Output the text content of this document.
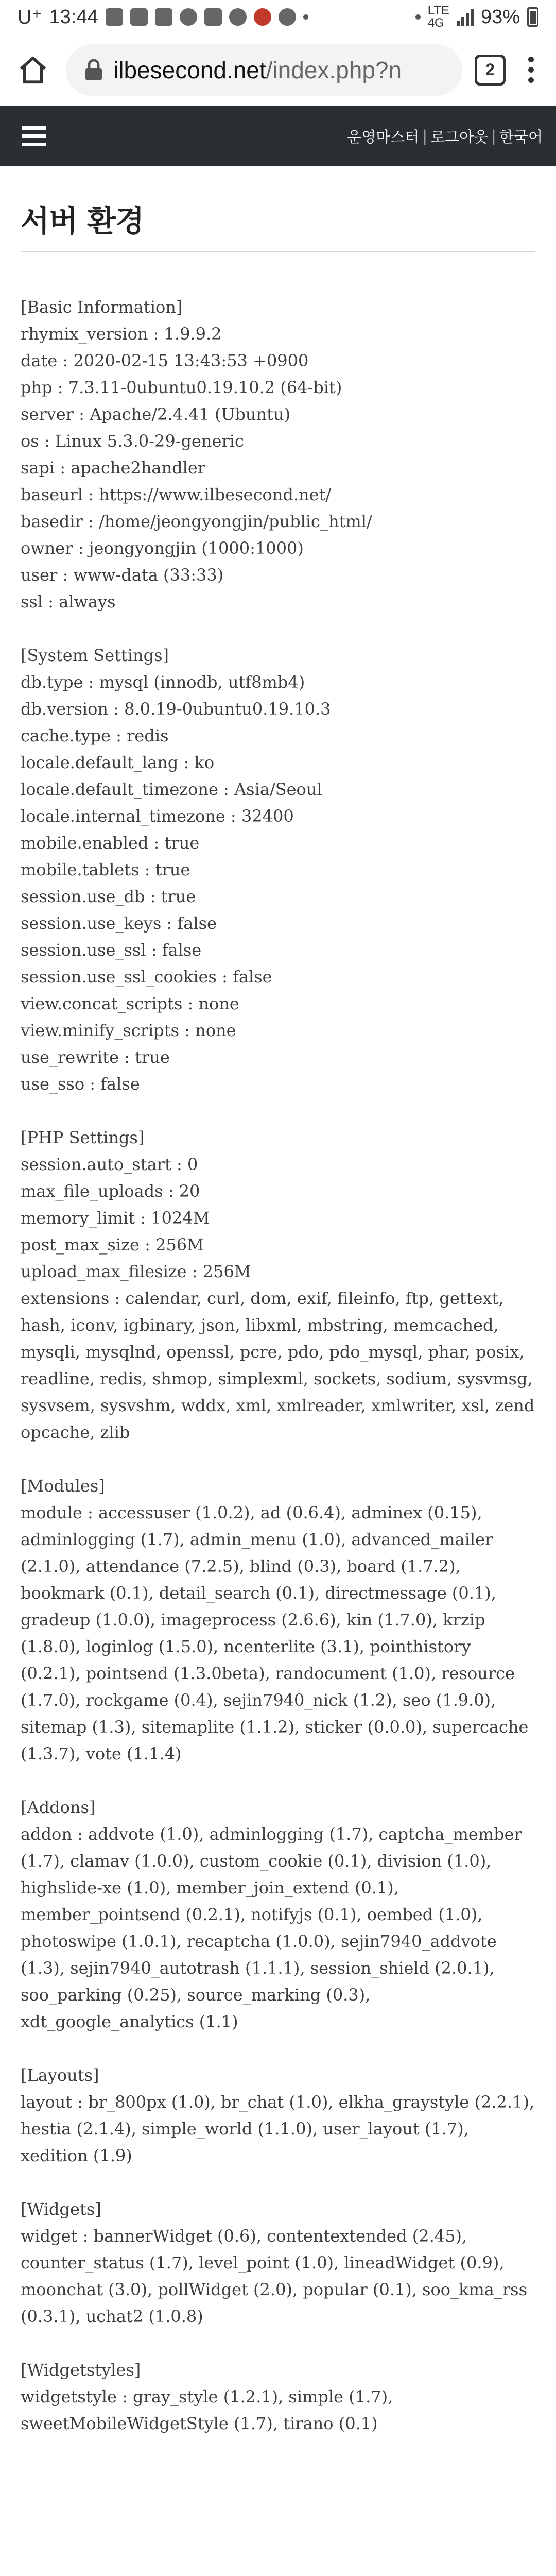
U⁺ 13:44	LTE
4G 93%
ilbesecond.net/index.php?n	2
운영마스터 | 로그아웃 | 한국어
서버 환경
[Basic Information]
rhymix_version : 1.9.9.2
date : 2020-02-15 13:43:53 +0900
php : 7.3.11-0ubuntu0.19.10.2 (64-bit)
server : Apache/2.4.41 (Ubuntu)
os : Linux 5.3.0-29-generic
sapi : apache2handler
baseurl : https://www.ilbesecond.net/
basedir : /home/jeongyongjin/public_html/
owner : jeongyongjin (1000:1000)
user : www-data (33:33)
ssl : always

[System Settings]
db.type : mysql (innodb, utf8mb4)
db.version : 8.0.19-0ubuntu0.19.10.3
cache.type : redis
locale.default_lang : ko
locale.default_timezone : Asia/Seoul
locale.internal_timezone : 32400
mobile.enabled : true
mobile.tablets : true
session.use_db : true
session.use_keys : false
session.use_ssl : false
session.use_ssl_cookies : false
view.concat_scripts : none
view.minify_scripts : none
use_rewrite : true
use_sso : false

[PHP Settings]
session.auto_start : 0
max_file_uploads : 20
memory_limit : 1024M
post_max_size : 256M
upload_max_filesize : 256M
extensions : calendar, curl, dom, exif, fileinfo, ftp, gettext, hash, iconv, igbinary, json, libxml, mbstring, memcached, mysqli, mysqlnd, openssl, pcre, pdo, pdo_mysql, phar, posix, readline, redis, shmop, simplexml, sockets, sodium, sysvmsg, sysvsem, sysvshm, wddx, xml, xmlreader, xmlwriter, xsl, zend opcache, zlib

[Modules]
module : accessuser (1.0.2), ad (0.6.4), adminex (0.15), adminlogging (1.7), admin_menu (1.0), advanced_mailer (2.1.0), attendance (7.2.5), blind (0.3), board (1.7.2), bookmark (0.1), detail_search (0.1), directmessage (0.1), gradeup (1.0.0), imageprocess (2.6.6), kin (1.7.0), krzip (1.8.0), loginlog (1.5.0), ncenterlite (3.1), pointhistory (0.2.1), pointsend (1.3.0beta), randocument (1.0), resource (1.7.0), rockgame (0.4), sejin7940_nick (1.2), seo (1.9.0), sitemap (1.3), sitemaplite (1.1.2), sticker (0.0.0), supercache (1.3.7), vote (1.1.4)

[Addons]
addon : addvote (1.0), adminlogging (1.7), captcha_member (1.7), clamav (1.0.0), custom_cookie (0.1), division (1.0), highslide-xe (1.0), member_join_extend (0.1), member_pointsend (0.2.1), notifyjs (0.1), oembed (1.0), photoswipe (1.0.1), recaptcha (1.0.0), sejin7940_addvote (1.3), sejin7940_autotrash (1.1.1), session_shield (2.0.1), soo_parking (0.25), source_marking (0.3), xdt_google_analytics (1.1)

[Layouts]
layout : br_800px (1.0), br_chat (1.0), elkha_graystyle (2.2.1), hestia (2.1.4), simple_world (1.1.0), user_layout (1.7), xedition (1.9)

[Widgets]
widget : bannerWidget (0.6), contentextended (2.45), counter_status (1.7), level_point (1.0), lineadWidget (0.9), moonchat (3.0), pollWidget (2.0), popular (0.1), soo_kma_rss (0.3.1), uchat2 (1.0.8)

[Widgetstyles]
widgetstyle : gray_style (1.2.1), simple (1.7), sweetMobileWidgetStyle (1.7), tirano (0.1)
